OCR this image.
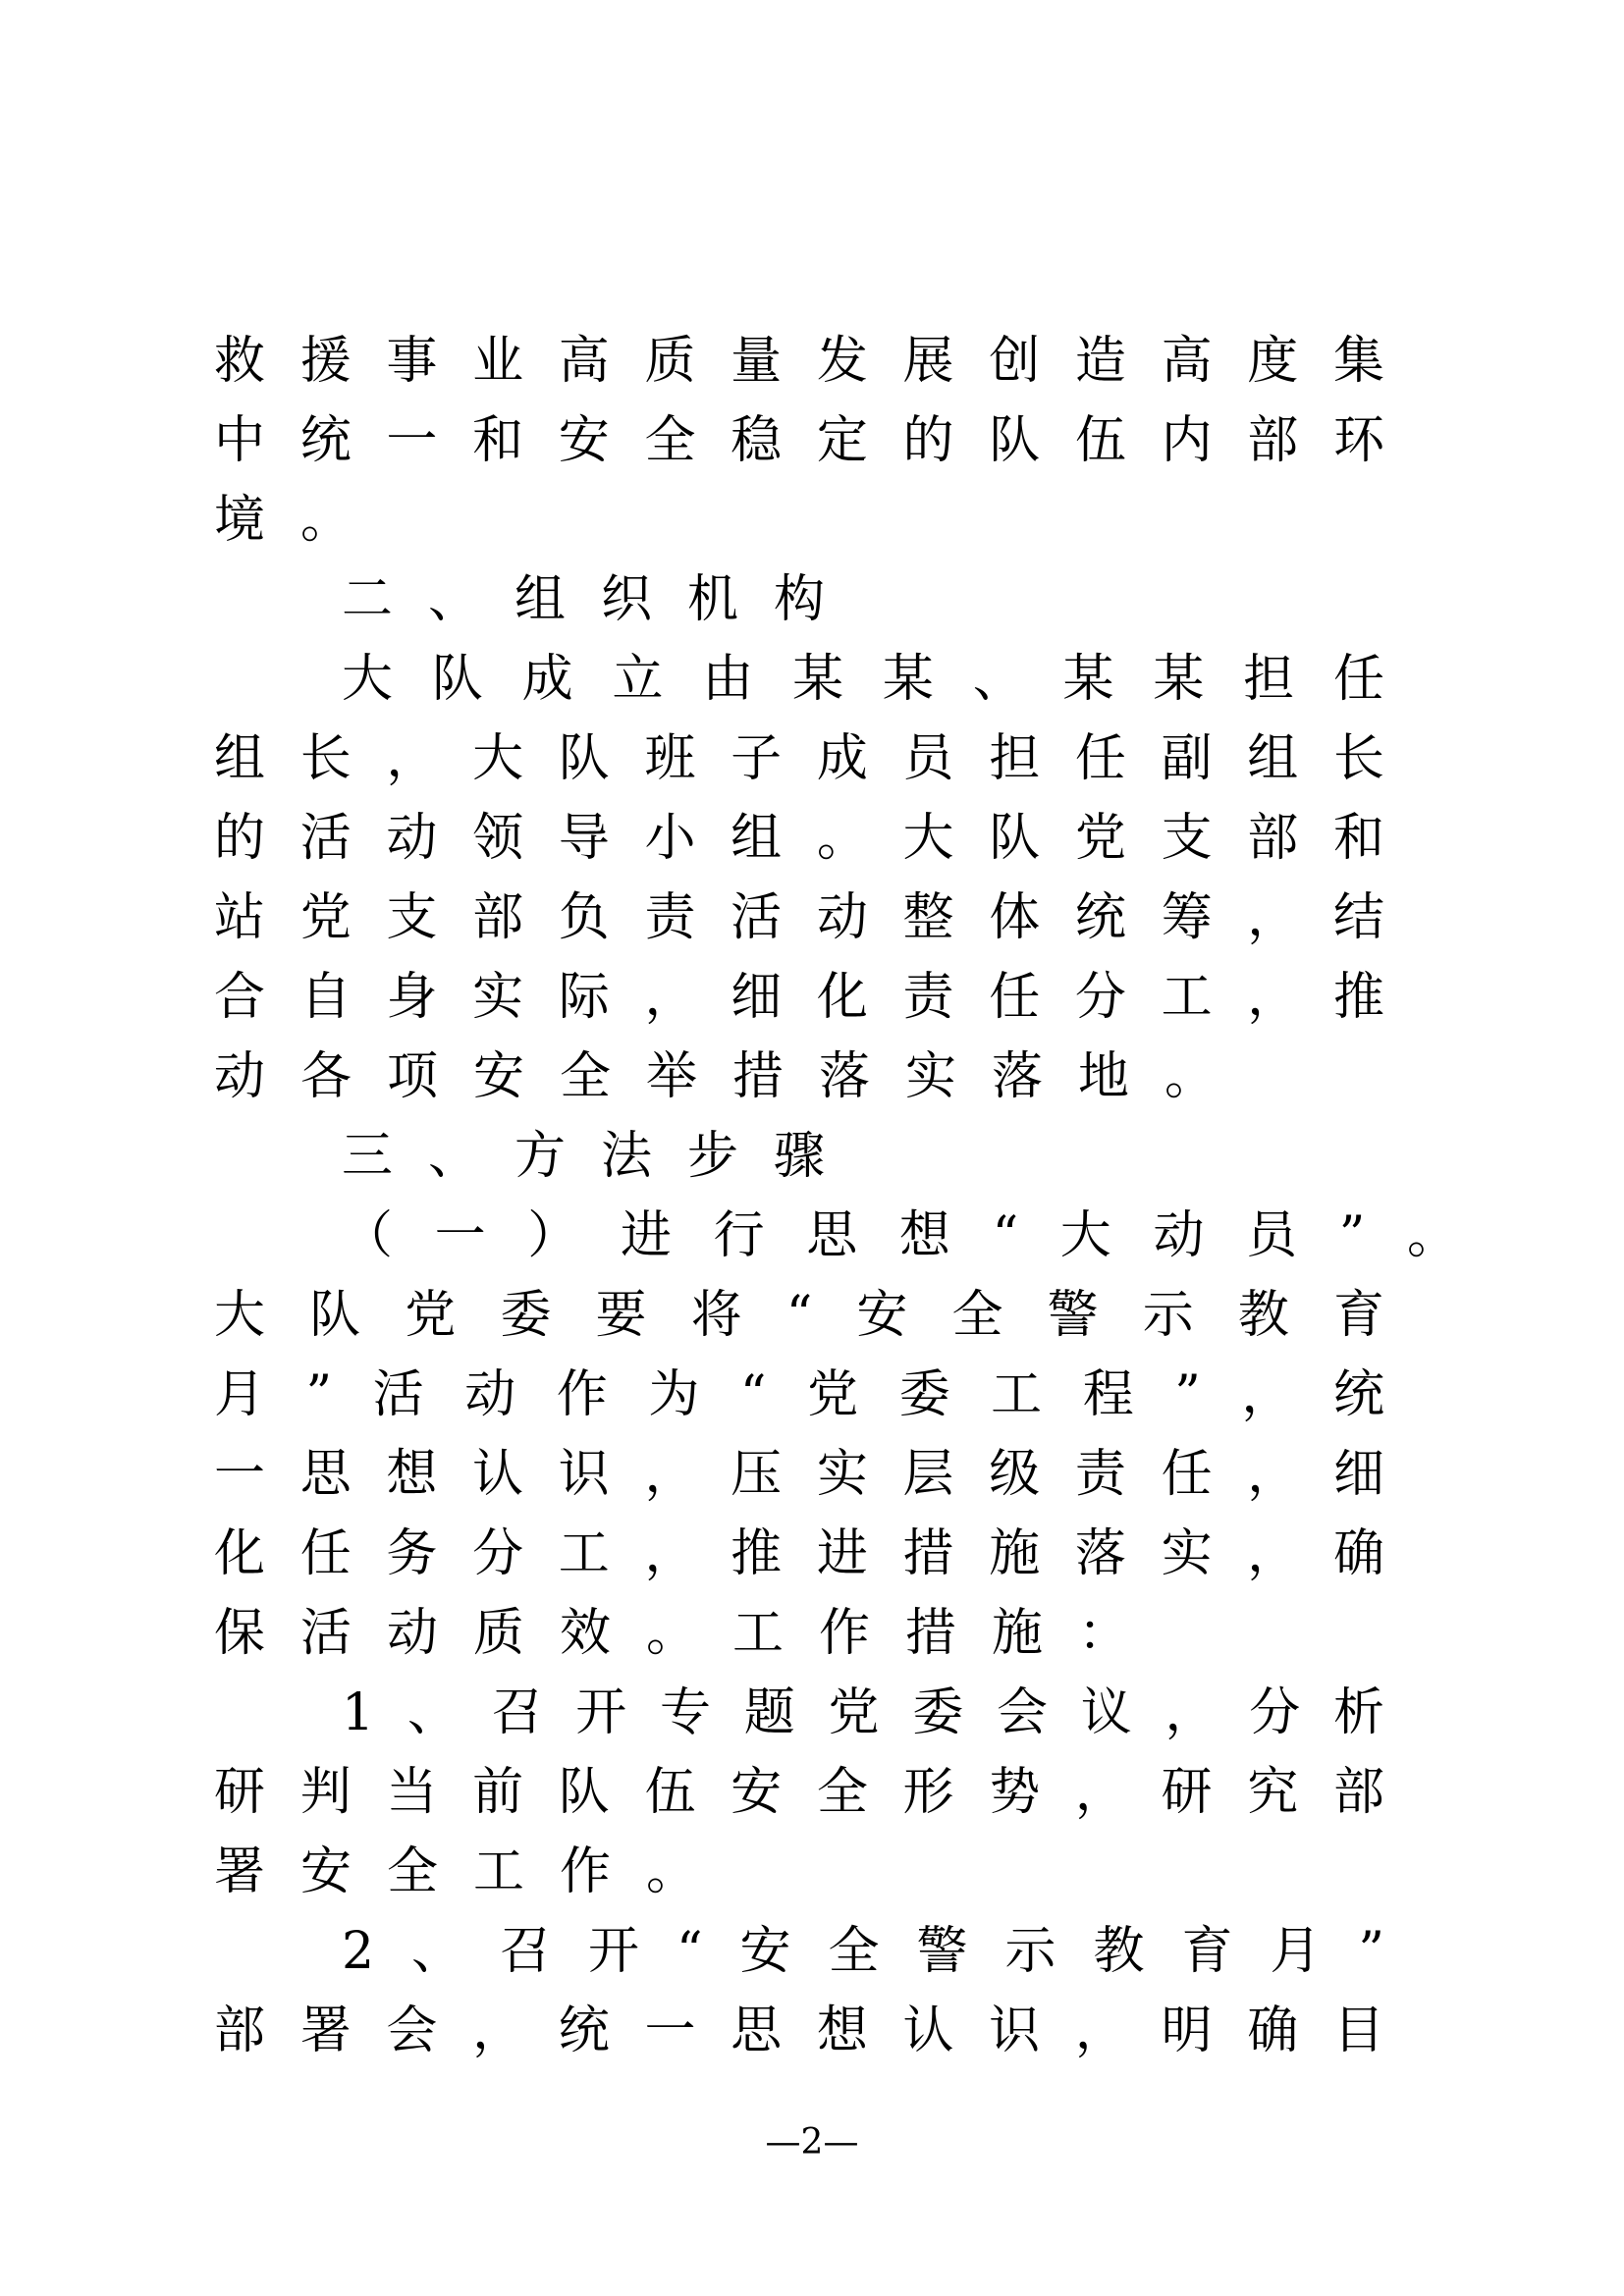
救援事业高质量发展创造高度集
中统一和安全稳定的队伍内部环
境。
二、组织机构
大队成立由某某、某某担任
组长，大队班子成员担任副组长
的活动领导小组。大队党支部和
站党支部负责活动整体统筹，结
合自身实际，细化责任分工，推
动各项安全举措落实落地。
三、方法步骤
（一）进行思想“大动员”。
大队党委要将“安全警示教育
月”活动作为“党委工程”，统
一思想认识，压实层级责任，细
化任务分工，推进措施落实，确
保活动质效。工作措施：
1、召开专题党委会议，分析
研判当前队伍安全形势，研究部
署安全工作。
2、召开“安全警示教育月”
部署会，统一思想认识，明确目
—2—
